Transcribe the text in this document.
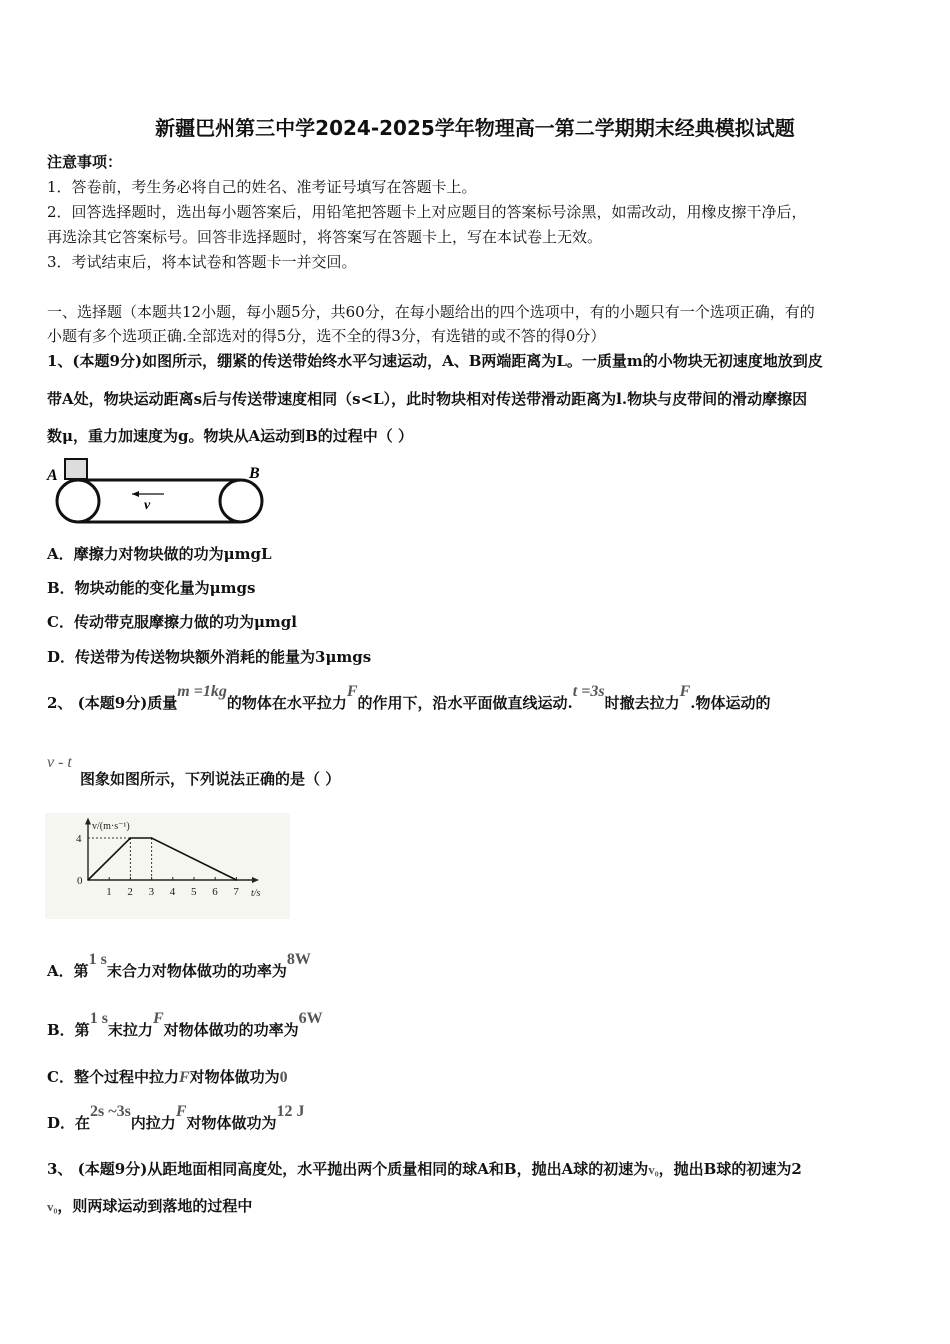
新疆巴州第三中学2024-2025学年物理高一第二学期期末经典模拟试题
注意事项：
1．答卷前，考生务必将自己的姓名、准考证号填写在答题卡上。
2．回答选择题时，选出每小题答案后，用铅笔把答题卡上对应题目的答案标号涂黑，如需改动，用橡皮擦干净后，
再选涂其它答案标号。回答非选择题时，将答案写在答题卡上，写在本试卷上无效。
3．考试结束后，将本试卷和答题卡一并交回。
一、选择题（本题共12小题，每小题5分，共60分，在每小题给出的四个选项中，有的小题只有一个选项正确，有的
小题有多个选项正确.全部选对的得5分，选不全的得3分，有选错的或不答的得0分）
1、(本题9分)如图所示，绷紧的传送带始终水平匀速运动，A、B两端距离为L。一质量m的小物块无初速度地放到皮
带A处，物块运动距离s后与传送带速度相同（s<L），此时物块相对传送带滑动距离为l.物块与皮带间的滑动摩擦因
数μ，重力加速度为g。物块从A运动到B的过程中（ ）
A	B
v
A．摩擦力对物块做的功为μmgL
B．物块动能的变化量为μmgs
C．传动带克服摩擦力做的功为μmgl
D．传送带为传送物块额外消耗的能量为3μmgs
2、 (本题9分)质量m =1kg的物体在水平拉力F的作用下，沿水平面做直线运动.t =3s时撤去拉力F.物体运动的
v - t
图象如图所示，下列说法正确的是（ ）
v/(m·s⁻¹)
t/s
0
1 2 3 4 5 6 7
4
A．第1 s末合力对物体做功的功率为8W
B．第1 s末拉力F对物体做功的功率为6W
C．整个过程中拉力F对物体做功为0
D．在2s ~3s内拉力F对物体做功为12 J
3、 (本题9分)从距地面相同高度处，水平抛出两个质量相同的球A和B，抛出A球的初速为v₀，抛出B球的初速为2
v₀，则两球运动到落地的过程中
